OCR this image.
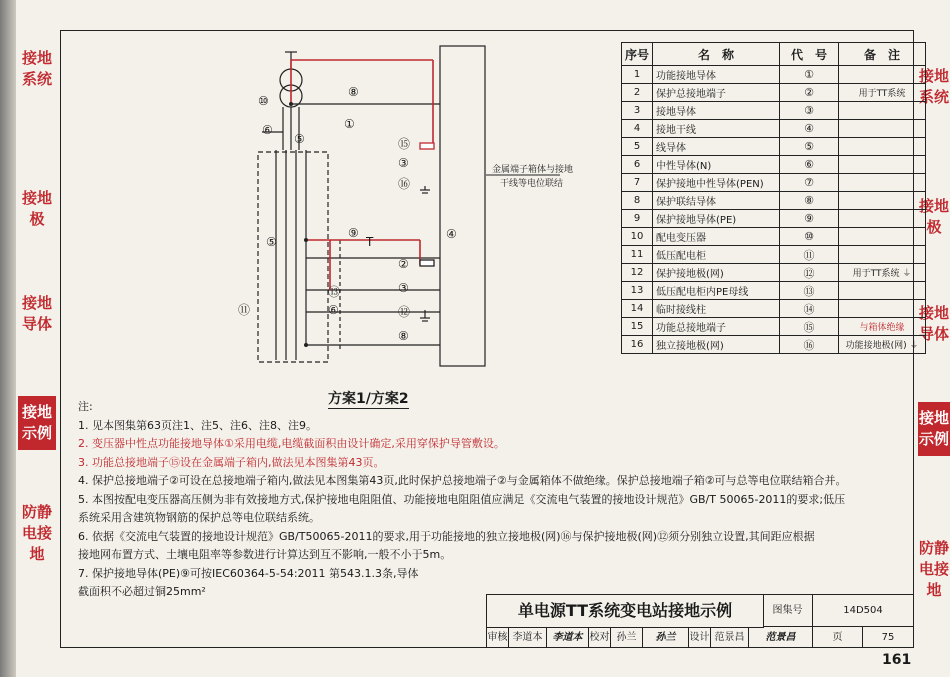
接地系统
接地极
接地导体
接地示例
防静电接地
接地系统
接地极
接地导体
接地示例
防静电接地
金属端子箱体与接地
干线等电位联结
⑩
⑧
⑥
⑤
①
⑮
③
⑯
⑤
⑨
T
④
②
③
⑬
⑥
⑪	⑫
⑧
方案1/方案2
序号	名　称	代　号	备　注
1	功能接地导体	①	
2	保护总接地端子	②	用于TT系统
3	接地导体	③	
4	接地干线	④	
5	线导体	⑤	
6	中性导体(N)	⑥	
7	保护接地中性导体(PEN)	⑦	
8	保护联结导体	⑧	
9	保护接地导体(PE)	⑨	
10	配电变压器	⑩	
11	低压配电柜	⑪	
12	保护接地极(网)	⑫	用于TT系统 ⏚
13	低压配电柜内PE母线	⑬	
14	临时接线柱	⑭	
15	功能总接地端子	⑮	与箱体绝缘
16	独立接地极(网)	⑯	功能接地极(网) ⏚
注:
1. 见本图集第63页注1、注5、注6、注8、注9。
2. 变压器中性点功能接地导体①采用电缆,电缆截面积由设计确定,采用穿保护导管敷设。
3. 功能总接地端子⑮设在金属端子箱内,做法见本图集第43页。
4. 保护总接地端子②可设在总接地端子箱内,做法见本图集第43页,此时保护总接地端子②与金属箱体不做绝缘。保护总接地端子箱②可与总等电位联结箱合并。
5. 本图按配电变压器高压侧为非有效接地方式,保护接地电阻阻值、功能接地电阻阻值应满足《交流电气装置的接地设计规范》GB/T 50065-2011的要求;低压
系统采用含建筑物钢筋的保护总等电位联结系统。
6. 依据《交流电气装置的接地设计规范》GB/T50065-2011的要求,用于功能接地的独立接地极(网)⑯与保护接地极(网)⑫须分别独立设置,其间距应根据
接地网布置方式、土壤电阻率等参数进行计算达到互不影响,一般不小于5m。
7. 保护接地导体(PE)⑨可按IEC60364-5-54:2011 第543.1.3条,导体
截面积不必超过铜25mm²
单电源TT系统变电站接地示例	图集号	14D504
审核 李道本	李道本 校对 孙兰	孙兰	设计 范景昌	范景昌	页	75
161
